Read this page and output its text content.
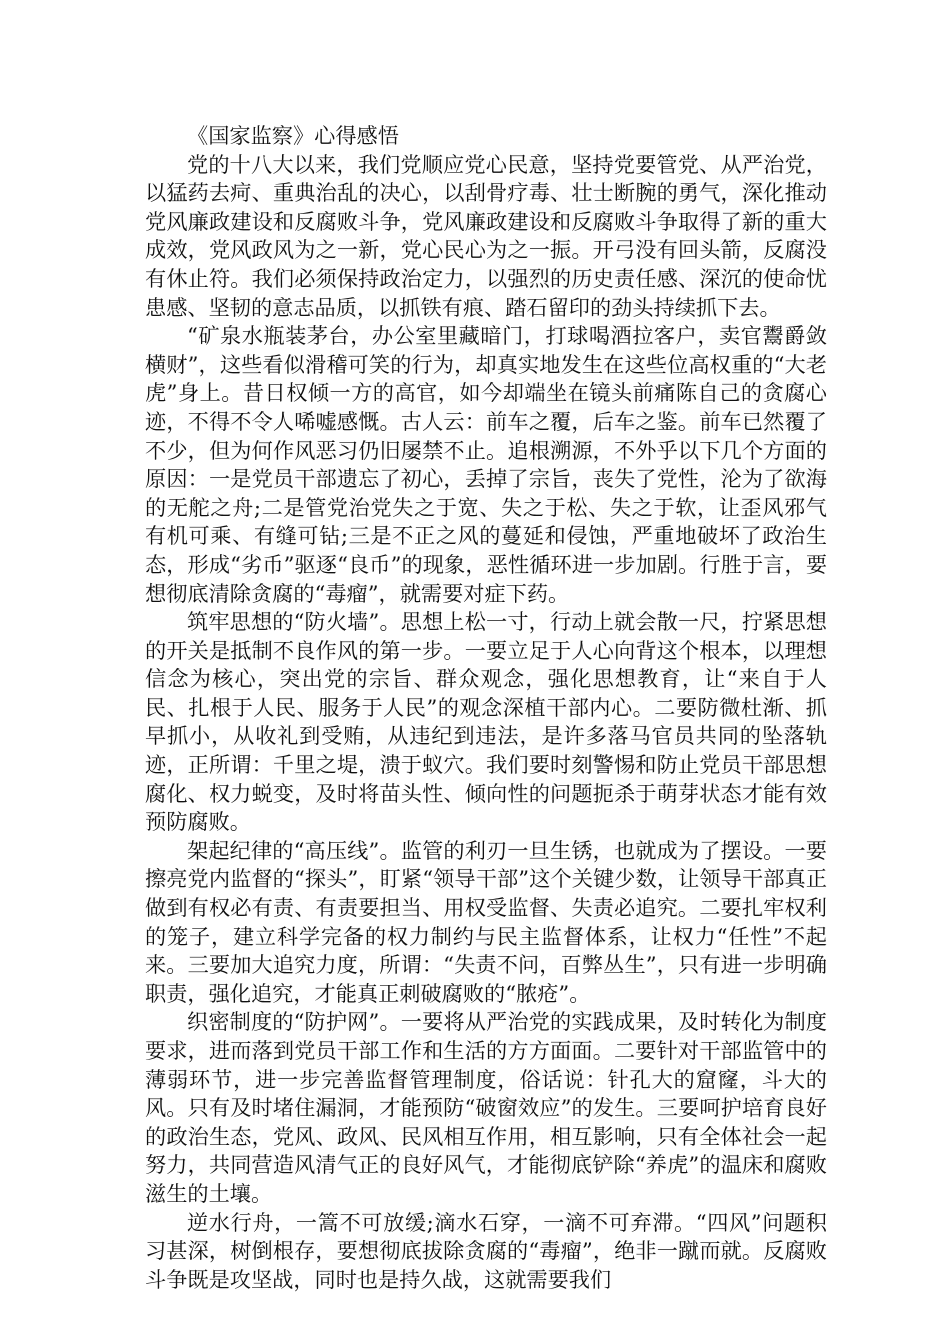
《国家监察》心得感悟

党的十八大以来，我们党顺应党心民意，坚持党要管党、从严治党，以猛药去疴、重典治乱的决心，以刮骨疗毒、壮士断腕的勇气，深化推动党风廉政建设和反腐败斗争，党风廉政建设和反腐败斗争取得了新的重大成效，党风政风为之一新，党心民心为之一振。开弓没有回头箭，反腐没有休止符。我们必须保持政治定力，以强烈的历史责任感、深沉的使命忧患感、坚韧的意志品质，以抓铁有痕、踏石留印的劲头持续抓下去。

“矿泉水瓶装茅台，办公室里藏暗门，打球喝酒拉客户，卖官鬻爵敛横财”，这些看似滑稽可笑的行为，却真实地发生在这些位高权重的“大老虎”身上。昔日权倾一方的高官，如今却端坐在镜头前痛陈自己的贪腐心迹，不得不令人唏嘘感慨。古人云：前车之覆，后车之鉴。前车已然覆了不少，但为何作风恶习仍旧屡禁不止。追根溯源，不外乎以下几个方面的原因：一是党员干部遗忘了初心，丢掉了宗旨，丧失了党性，沦为了欲海的无舵之舟;二是管党治党失之于宽、失之于松、失之于软，让歪风邪气有机可乘、有缝可钻;三是不正之风的蔓延和侵蚀，严重地破坏了政治生态，形成“劣币”驱逐“良币”的现象，恶性循环进一步加剧。行胜于言，要想彻底清除贪腐的“毒瘤”，就需要对症下药。

筑牢思想的“防火墙”。思想上松一寸，行动上就会散一尺，拧紧思想的开关是抵制不良作风的第一步。一要立足于人心向背这个根本，以理想信念为核心，突出党的宗旨、群众观念，强化思想教育，让“来自于人民、扎根于人民、服务于人民”的观念深植干部内心。二要防微杜渐、抓早抓小，从收礼到受贿，从违纪到违法，是许多落马官员共同的坠落轨迹，正所谓：千里之堤，溃于蚁穴。我们要时刻警惕和防止党员干部思想腐化、权力蜕变，及时将苗头性、倾向性的问题扼杀于萌芽状态才能有效预防腐败。

架起纪律的“高压线”。监管的利刃一旦生锈，也就成为了摆设。一要擦亮党内监督的“探头”，盯紧“领导干部”这个关键少数，让领导干部真正做到有权必有责、有责要担当、用权受监督、失责必追究。二要扎牢权利的笼子，建立科学完备的权力制约与民主监督体系，让权力“任性”不起来。三要加大追究力度，所谓：“失责不问，百弊丛生”，只有进一步明确职责，强化追究，才能真正刺破腐败的“脓疮”。

织密制度的“防护网”。一要将从严治党的实践成果，及时转化为制度要求，进而落到党员干部工作和生活的方方面面。二要针对干部监管中的薄弱环节，进一步完善监督管理制度，俗话说：针孔大的窟窿，斗大的风。只有及时堵住漏洞，才能预防“破窗效应”的发生。三要呵护培育良好的政治生态，党风、政风、民风相互作用，相互影响，只有全体社会一起努力，共同营造风清气正的良好风气，才能彻底铲除“养虎”的温床和腐败滋生的土壤。

逆水行舟，一篙不可放缓;滴水石穿，一滴不可弃滞。“四风”问题积习甚深，树倒根存，要想彻底拔除贪腐的“毒瘤”，绝非一蹴而就。反腐败斗争既是攻坚战，同时也是持久战，这就需要我们
